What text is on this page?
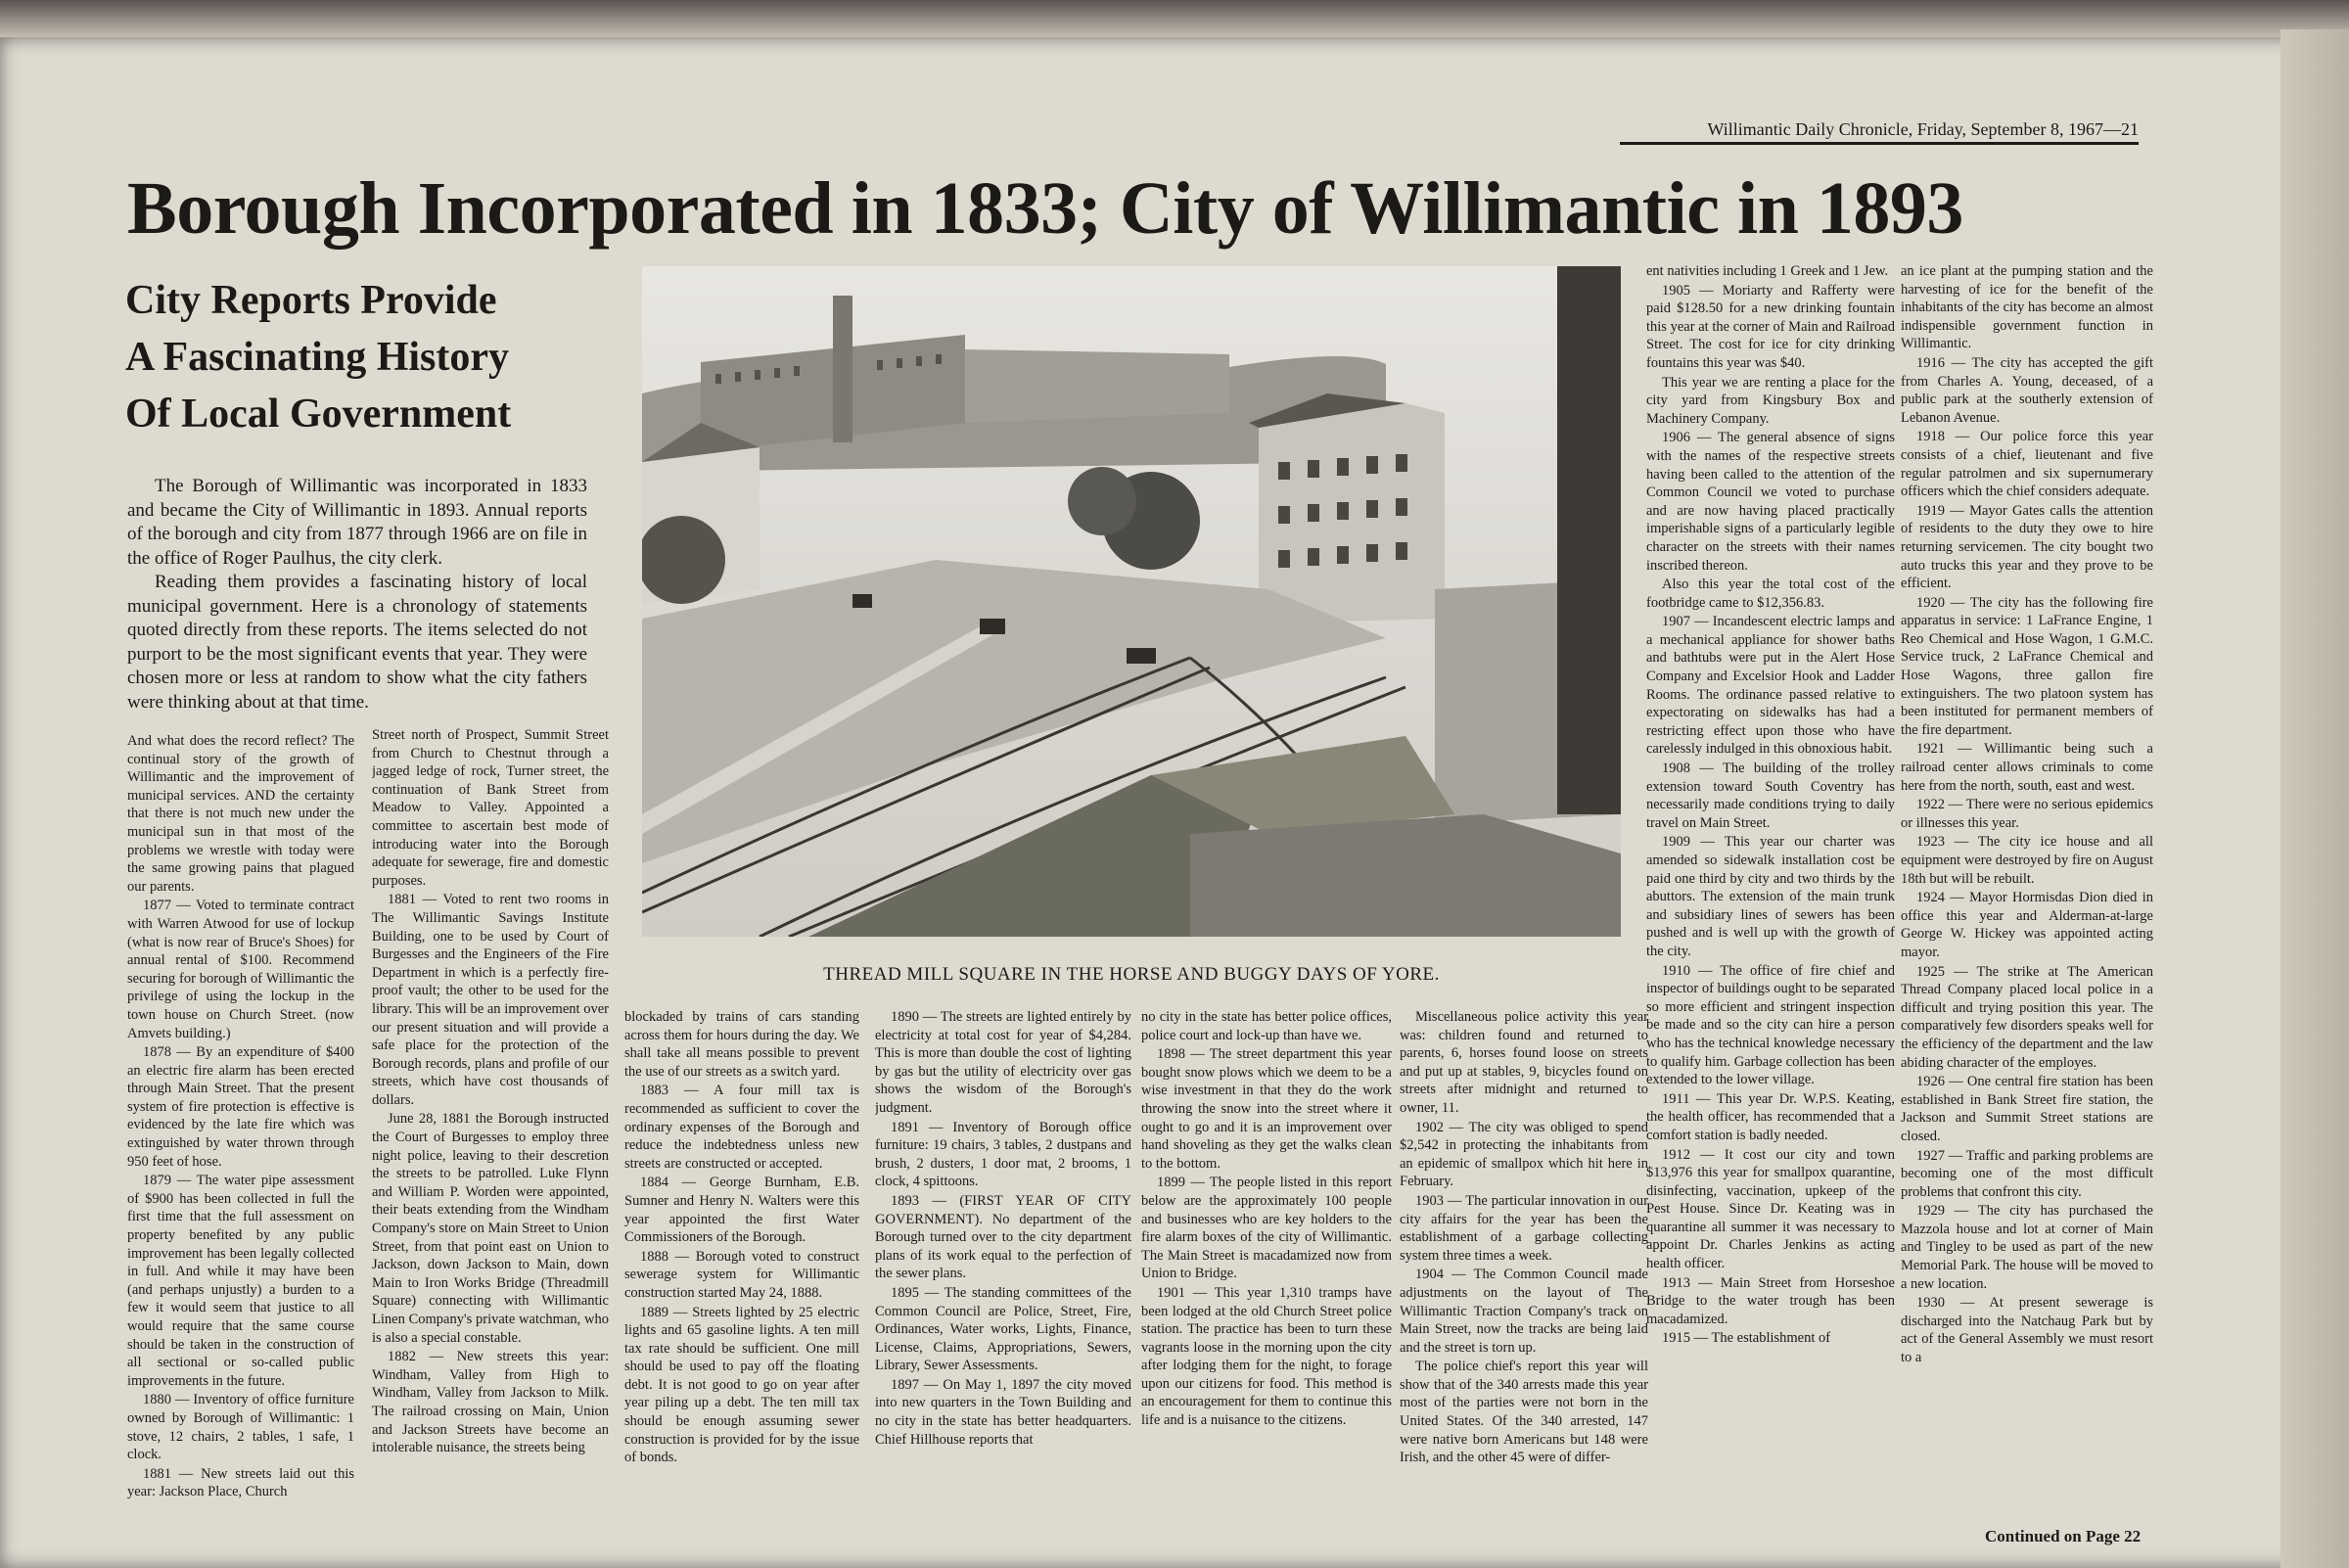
Willimantic Daily Chronicle, Friday, September 8, 1967—21
Borough Incorporated in 1833; City of Willimantic in 1893
City Reports Provide
A Fascinating History
Of Local Government

The Borough of Willimantic was incorporated in 1833 and became the City of Willimantic in 1893. Annual reports of the borough and city from 1877 through 1966 are on file in the office of Roger Paulhus, the city clerk.

Reading them provides a fascinating history of local municipal government. Here is a chronology of statements quoted directly from these reports. The items selected do not purport to be the most significant events that year. They were chosen more or less at random to show what the city fathers were thinking about at that time.

THREAD MILL SQUARE IN THE HORSE AND BUGGY DAYS OF YORE.

And what does the record reflect? The continual story of the growth of Willimantic and the improvement of municipal services. AND the certainty that there is not much new under the municipal sun in that most of the problems we wrestle with today were the same growing pains that plagued our parents.

1877 — Voted to terminate contract with Warren Atwood for use of lockup (what is now rear of Bruce's Shoes) for annual rental of $100. Recommend securing for borough of Willimantic the privilege of using the lockup in the town house on Church Street. (now Amvets building.)

1878 — By an expenditure of $400 an electric fire alarm has been erected through Main Street. That the present system of fire protection is effective is evidenced by the late fire which was extinguished by water thrown through 950 feet of hose.

1879 — The water pipe assessment of $900 has been collected in full the first time that the full assessment on property benefited by any public improvement has been legally collected in full. And while it may have been (and perhaps unjustly) a burden to a few it would seem that justice to all would require that the same course should be taken in the construction of all sectional or so-called public improvements in the future.

1880 — Inventory of office furniture owned by Borough of Willimantic: 1 stove, 12 chairs, 2 tables, 1 safe, 1 clock.

1881 — New streets laid out this year: Jackson Place, Church

Street north of Prospect, Summit Street from Church to Chestnut through a jagged ledge of rock, Turner street, the continuation of Bank Street from Meadow to Valley. Appointed a committee to ascertain best mode of introducing water into the Borough adequate for sewerage, fire and domestic purposes.

1881 — Voted to rent two rooms in The Willimantic Savings Institute Building, one to be used by Court of Burgesses and the Engineers of the Fire Department in which is a perfectly fire-proof vault; the other to be used for the library. This will be an improvement over our present situation and will provide a safe place for the protection of the Borough records, plans and profile of our streets, which have cost thousands of dollars.

June 28, 1881 the Borough instructed the Court of Burgesses to employ three night police, leaving to their descretion the streets to be patrolled. Luke Flynn and William P. Worden were appointed, their beats extending from the Windham Company's store on Main Street to Union Street, from that point east on Union to Jackson, down Jackson to Main, down Main to Iron Works Bridge (Threadmill Square) connecting with Willimantic Linen Company's private watchman, who is also a special constable.

1882 — New streets this year: Windham, Valley from High to Windham, Valley from Jackson to Milk. The railroad crossing on Main, Union and Jackson Streets have become an intolerable nuisance, the streets being

blockaded by trains of cars standing across them for hours during the day. We shall take all means possible to prevent the use of our streets as a switch yard.

1883 — A four mill tax is recommended as sufficient to cover the ordinary expenses of the Borough and reduce the indebtedness unless new streets are constructed or accepted.

1884 — George Burnham, E.B. Sumner and Henry N. Walters were this year appointed the first Water Commissioners of the Borough.

1888 — Borough voted to construct sewerage system for Willimantic construction started May 24, 1888.

1889 — Streets lighted by 25 electric lights and 65 gasoline lights. A ten mill tax rate should be sufficient. One mill should be used to pay off the floating debt. It is not good to go on year after year piling up a debt. The ten mill tax should be enough assuming sewer construction is provided for by the issue of bonds.

1890 — The streets are lighted entirely by electricity at total cost for year of $4,284. This is more than double the cost of lighting by gas but the utility of electricity over gas shows the wisdom of the Borough's judgment.

1891 — Inventory of Borough office furniture: 19 chairs, 3 tables, 2 dustpans and brush, 2 dusters, 1 door mat, 2 brooms, 1 clock, 4 spittoons.

1893 — (FIRST YEAR OF CITY GOVERNMENT). No department of the Borough turned over to the city department plans of its work equal to the perfection of the sewer plans.

1895 — The standing committees of the Common Council are Police, Street, Fire, Ordinances, Water works, Lights, Finance, License, Claims, Appropriations, Sewers, Library, Sewer Assessments.

1897 — On May 1, 1897 the city moved into new quarters in the Town Building and no city in the state has better headquarters. Chief Hillhouse reports that

no city in the state has better police offices, police court and lock-up than have we.

1898 — The street department this year bought snow plows which we deem to be a wise investment in that they do the work throwing the snow into the street where it ought to go and it is an improvement over hand shoveling as they get the walks clean to the bottom.

1899 — The people listed in this report below are the approximately 100 people and businesses who are key holders to the fire alarm boxes of the city of Willimantic. The Main Street is macadamized now from Union to Bridge.

1901 — This year 1,310 tramps have been lodged at the old Church Street police station. The practice has been to turn these vagrants loose in the morning upon the city after lodging them for the night, to forage upon our citizens for food. This method is an encouragement for them to continue this life and is a nuisance to the citizens.

Miscellaneous police activity this year was: children found and returned to parents, 6, horses found loose on streets and put up at stables, 9, bicycles found on streets after midnight and returned to owner, 11.

1902 — The city was obliged to spend $2,542 in protecting the inhabitants from an epidemic of smallpox which hit here in February.

1903 — The particular innovation in our city affairs for the year has been the establishment of a garbage collecting system three times a week.

1904 — The Common Council made adjustments on the layout of The Willimantic Traction Company's track on Main Street, now the tracks are being laid and the street is torn up.

The police chief's report this year will show that of the 340 arrests made this year most of the parties were not born in the United States. Of the 340 arrested, 147 were native born Americans but 148 were Irish, and the other 45 were of differ-

ent nativities including 1 Greek and 1 Jew.

1905 — Moriarty and Rafferty were paid $128.50 for a new drinking fountain this year at the corner of Main and Railroad Street. The cost for ice for city drinking fountains this year was $40.

This year we are renting a place for the city yard from Kingsbury Box and Machinery Company.

1906 — The general absence of signs with the names of the respective streets having been called to the attention of the Common Council we voted to purchase and are now having placed practically imperishable signs of a particularly legible character on the streets with their names inscribed thereon.

Also this year the total cost of the footbridge came to $12,356.83.

1907 — Incandescent electric lamps and a mechanical appliance for shower baths and bathtubs were put in the Alert Hose Company and Excelsior Hook and Ladder Rooms. The ordinance passed relative to expectorating on sidewalks has had a restricting effect upon those who have carelessly indulged in this obnoxious habit.

1908 — The building of the trolley extension toward South Coventry has necessarily made conditions trying to daily travel on Main Street.

1909 — This year our charter was amended so sidewalk installation cost be paid one third by city and two thirds by the abuttors. The extension of the main trunk and subsidiary lines of sewers has been pushed and is well up with the growth of the city.

1910 — The office of fire chief and inspector of buildings ought to be separated so more efficient and stringent inspection be made and so the city can hire a person who has the technical knowledge necessary to qualify him. Garbage collection has been extended to the lower village.

1911 — This year Dr. W.P.S. Keating, the health officer, has recommended that a comfort station is badly needed.

1912 — It cost our city and town $13,976 this year for smallpox quarantine, disinfecting, vaccination, upkeep of the Pest House. Since Dr. Keating was in quarantine all summer it was necessary to appoint Dr. Charles Jenkins as acting health officer.

1913 — Main Street from Horseshoe Bridge to the water trough has been macadamized.

1915 — The establishment of

an ice plant at the pumping station and the harvesting of ice for the benefit of the inhabitants of the city has become an almost indispensible government function in Willimantic.

1916 — The city has accepted the gift from Charles A. Young, deceased, of a public park at the southerly extension of Lebanon Avenue.

1918 — Our police force this year consists of a chief, lieutenant and five regular patrolmen and six supernumerary officers which the chief considers adequate.

1919 — Mayor Gates calls the attention of residents to the duty they owe to hire returning servicemen. The city bought two auto trucks this year and they prove to be efficient.

1920 — The city has the following fire apparatus in service: 1 LaFrance Engine, 1 Reo Chemical and Hose Wagon, 1 G.M.C. Service truck, 2 LaFrance Chemical and Hose Wagons, three gallon fire extinguishers. The two platoon system has been instituted for permanent members of the fire department.

1921 — Willimantic being such a railroad center allows criminals to come here from the north, south, east and west.

1922 — There were no serious epidemics or illnesses this year.

1923 — The city ice house and all equipment were destroyed by fire on August 18th but will be rebuilt.

1924 — Mayor Hormisdas Dion died in office this year and Alderman-at-large George W. Hickey was appointed acting mayor.

1925 — The strike at The American Thread Company placed local police in a difficult and trying position this year. The comparatively few disorders speaks well for the efficiency of the department and the law abiding character of the employes.

1926 — One central fire station has been established in Bank Street fire station, the Jackson and Summit Street stations are closed.

1927 — Traffic and parking problems are becoming one of the most difficult problems that confront this city.

1929 — The city has purchased the Mazzola house and lot at corner of Main and Tingley to be used as part of the new Memorial Park. The house will be moved to a new location.

1930 — At present sewerage is discharged into the Natchaug Park but by act of the General Assembly we must resort to a

Continued on Page 22
